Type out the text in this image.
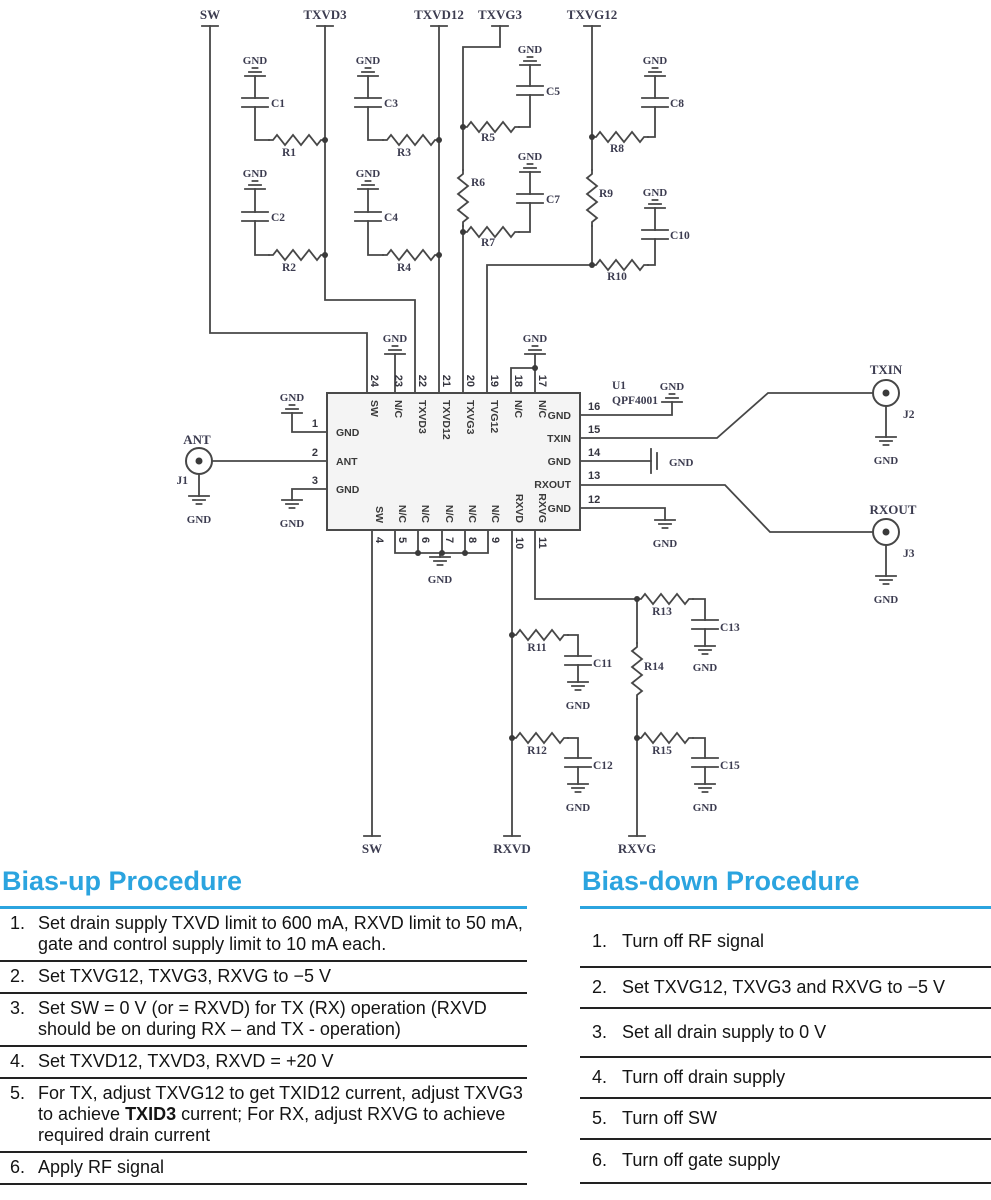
SW	TXVD3	TXVD12 TXVG3	TXVG12
SW	RXVD	RXVG
GND	GND
GND
GND
GND	GND
GND
GND
GND	GND
GND
GND
GND	GND
GND
GND
GND	GND
GND
GND
GND
GND
GND
R1
R2
R3
R4
R5
R6
R7
R8
R9
R10
R11
R12
R13
R14
R15
C1
C2
C3
C4
C5
C7
C8
C10
C11
C12
C13
C15
ANT
J1
TXIN
J2
RXOUT
J3
U1
QPF4001
1
2
3
GND
ANT
GND
16
15
14
13
12
GND
TXIN
GND
RXOUT
GND
24 23 22 21 20 19 18 17
SW N/C TXVD3 TXVD12 TXVG3 TVG12 N/C N/C
4 5 6 7 8 9 10 11
SW N/C N/C N/C N/C N/C RXVD RXVG
Bias-up Procedure
1. Set drain supply TXVD limit to 600 mA, RXVD limit to 50 mA, gate and control supply limit to 10 mA each.
2. Set TXVG12, TXVG3, RXVG to −5 V
3. Set SW = 0 V (or = RXVD) for TX (RX) operation (RXVD should be on during RX – and TX - operation)
4. Set TXVD12, TXVD3, RXVD = +20 V
5. For TX, adjust TXVG12 to get TXID12 current, adjust TXVG3 to achieve TXID3 current; For RX, adjust RXVG to achieve required drain current
6. Apply RF signal
Bias-down Procedure
1. Turn off RF signal
2. Set TXVG12, TXVG3 and RXVG to −5 V
3. Set all drain supply to 0 V
4. Turn off drain supply
5. Turn off SW
6. Turn off gate supply
